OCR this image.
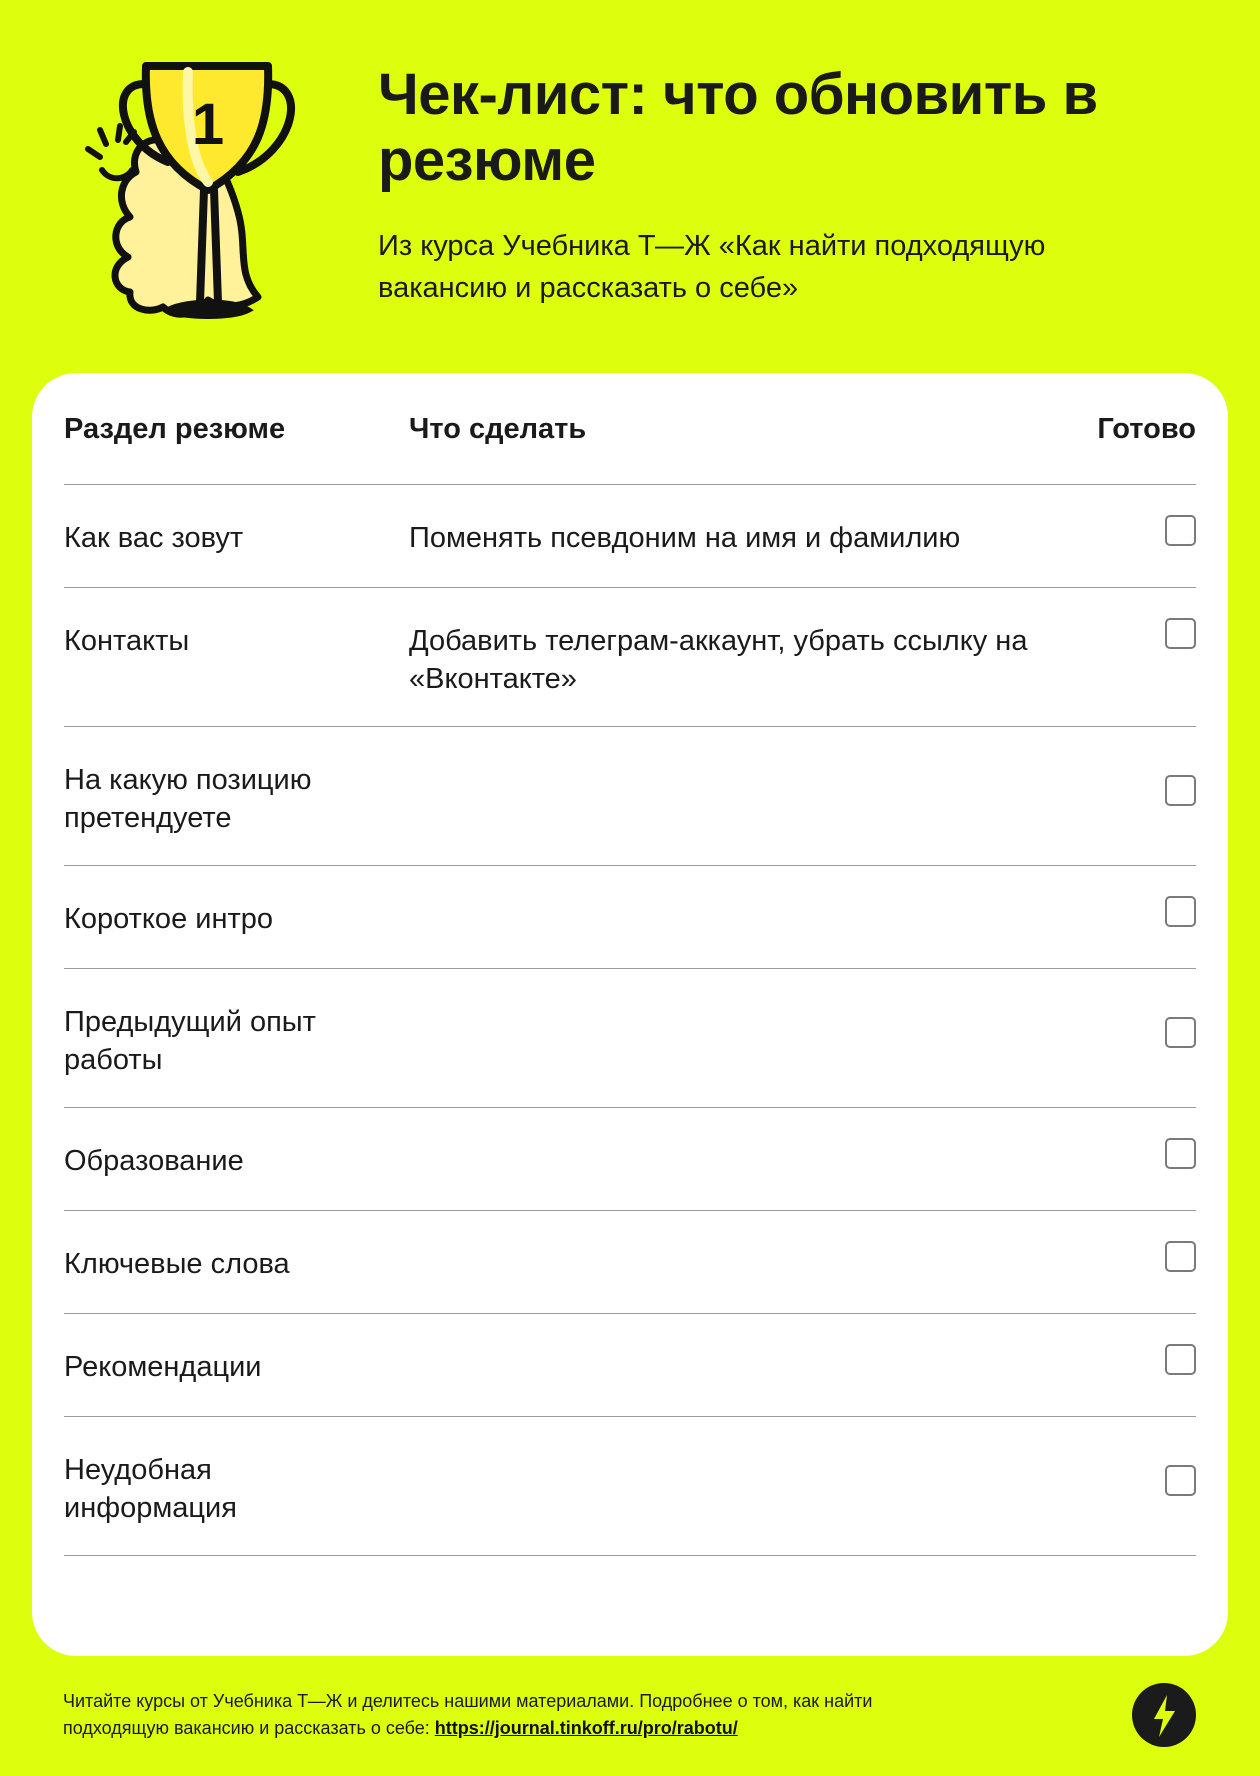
1	Чек-лист: что обновить в резюме

Из курса Учебника Т—Ж «Как найти подходящую вакансию и рассказать о себе»

Раздел резюме	Что сделать	Готово
Как вас зовут	Поменять псевдоним на имя и фамилию
Контакты	Добавить телеграм-аккаунт, убрать ссылку на «Вконтакте»
На какую позицию претендуете
Короткое интро
Предыдущий опыт работы
Образование
Ключевые слова
Рекомендации
Неудобная информация
Читайте курсы от Учебника Т—Ж и делитесь нашими материалами. Подробнее о том, как найти подходящую вакансию и рассказать о себе: https://journal.tinkoff.ru/pro/rabotu/
